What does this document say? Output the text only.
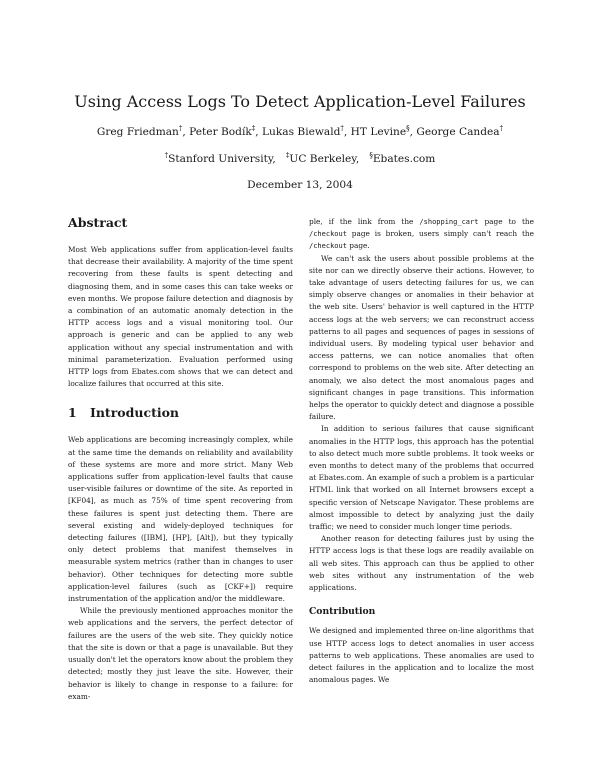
Using Access Logs To Detect Application-Level Failures
Greg Friedman†, Peter Bodík‡, Lukas Biewald†, HT Levine§, George Candea†
†Stanford University, ‡UC Berkeley, §Ebates.com
December 13, 2004
Abstract

Most Web applications suffer from application-level faults that decrease their availability. A majority of the time spent recovering from these faults is spent detecting and diagnosing them, and in some cases this can take weeks or even months. We propose failure detection and diagnosis by a combination of an automatic anomaly detection in the HTTP access logs and a visual monitoring tool. Our approach is generic and can be applied to any web application without any special instrumentation and with minimal parameterization. Evaluation performed using HTTP logs from Ebates.com shows that we can detect and localize failures that occurred at this site.

1 Introduction

Web applications are becoming increasingly complex, while at the same time the demands on reliability and availability of these systems are more and more strict. Many Web applications suffer from application-level faults that cause user-visible failures or downtime of the site. As reported in [KF04], as much as 75% of time spent recovering from these failures is spent just detecting them. There are several existing and widely-deployed techniques for detecting failures ([IBM], [HP], [Alt]), but they typically only detect problems that manifest themselves in measurable system metrics (rather than in changes to user behavior). Other techniques for detecting more subtle application-level failures (such as [CKF+]) require instrumentation of the application and/or the middleware.

While the previously mentioned approaches monitor the web applications and the servers, the perfect detector of failures are the users of the web site. They quickly notice that the site is down or that a page is unavailable. But they usually don't let the operators know about the problem they detected; mostly they just leave the site. However, their behavior is likely to change in response to a failure: for exam-

ple, if the link from the /shopping_cart page to the /checkout page is broken, users simply can't reach the /checkout page.

We can't ask the users about possible problems at the site nor can we directly observe their actions. However, to take advantage of users detecting failures for us, we can simply observe changes or anomalies in their behavior at the web site. Users' behavior is well captured in the HTTP access logs at the web servers; we can reconstruct access patterns to all pages and sequences of pages in sessions of individual users. By modeling typical user behavior and access patterns, we can notice anomalies that often correspond to problems on the web site. After detecting an anomaly, we also detect the most anomalous pages and significant changes in page transitions. This information helps the operator to quickly detect and diagnose a possible failure.

In addition to serious failures that cause significant anomalies in the HTTP logs, this approach has the potential to also detect much more subtle problems. It took weeks or even months to detect many of the problems that occurred at Ebates.com. An example of such a problem is a particular HTML link that worked on all Internet browsers except a specific version of Netscape Navigator. These problems are almost impossible to detect by analyzing just the daily traffic; we need to consider much longer time periods.

Another reason for detecting failures just by using the HTTP access logs is that these logs are readily available on all web sites. This approach can thus be applied to other web sites without any instrumentation of the web applications.

Contribution

We designed and implemented three on-line algorithms that use HTTP access logs to detect anomalies in user access patterns to web applications. These anomalies are used to detect failures in the application and to localize the most anomalous pages. We
